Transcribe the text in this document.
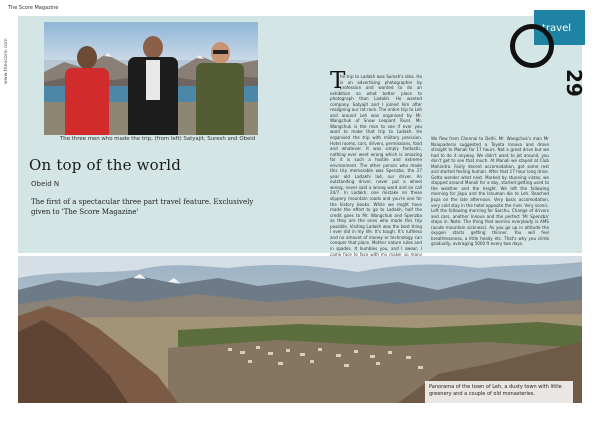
The Score Magazine
www.thescore.com
The three men who made the trip, (from left) Satyajit, Suresh and Obeid
On top of the world
Obeid N
The first of a spectacular three part travel feature. Exclusively given to 'The Score Magazine'
T
he trip to Ladakh was Suresh's idea. He is an advertising photographer by profession and wanted to do an exhibition so what better place to photograph than Ladakh. He wanted company. Satyajit and I joined him after realigning our rat race. The entire trip to Leh and around Leh was organised by Mr. Wangchuk of Snow Leopard Tours. Mr. Wangchuk is the man to see if ever you want to make that trip to Ladakh. He organised the trip with military precision. Hotel rooms, cars, drivers, permissions, food and whatever. It was simply fantastic, nothing ever went wrong which is amazing for it is such a hostile and extreme environment. The other person who made this trip memorable was Spenzba, the 27 year old Ladakhi lad, our driver. An outstanding driver, never put a wheel wrong, never said a wrong word and on call 24/7. In Ladakh, one mistake on these slippery mountain roads and you're one for the history books. While we might have made the effort to go to Ladakh, half the credit goes to Mr. Wangchuk and Spenzba as they are the ones who made this trip possible. Visiting Ladakh was the best thing I ever did in my life. It's tough. It's ruthless and no amount of money or technology can conquer that place. Mother nature rules and in spades. It humbles you, and I swear, I came face to face with my maker so many
We flew from Chennai to Delhi. Mr. Wangchuk's man Mr Nalupaderai suggested a Toyota Innova and drove straight to Manali for 17 hours. Not a great drive but we had to do it anyway. We didn't want to jet around, you don't get to see that much. At Manali we stayed at Club Mahindra. Fairly decent accomodation, got some rest and started feeling human. After that 17 hour long drive. Gotta wonder what next. Marked by stunning vistas, we stopped around Manali for a day, started getting used to the weather and the height. We left the following morning for Jispa and the Ishuman die to Leh. Reached Jispa on the late afternoon. Very basic accomodation, very cold stay in the hotel opposite the river. Very scenic. Left the following morning for Sarchu. Change of drivers and cars, another Innova and the perfect 'Mr Spenzba' steps in. Note: The thing that worries everybody is AMS (acute mountain sickness). As you go up in altitude the oxygen starts getting thinner. You will feel breathlessness, a little heady etc. That's why you climb gradually, averaging 5000 ft every two days.
travel
29
Panorama of the town of Leh, a dusty town with little greenery and a couple of old monasteries.
